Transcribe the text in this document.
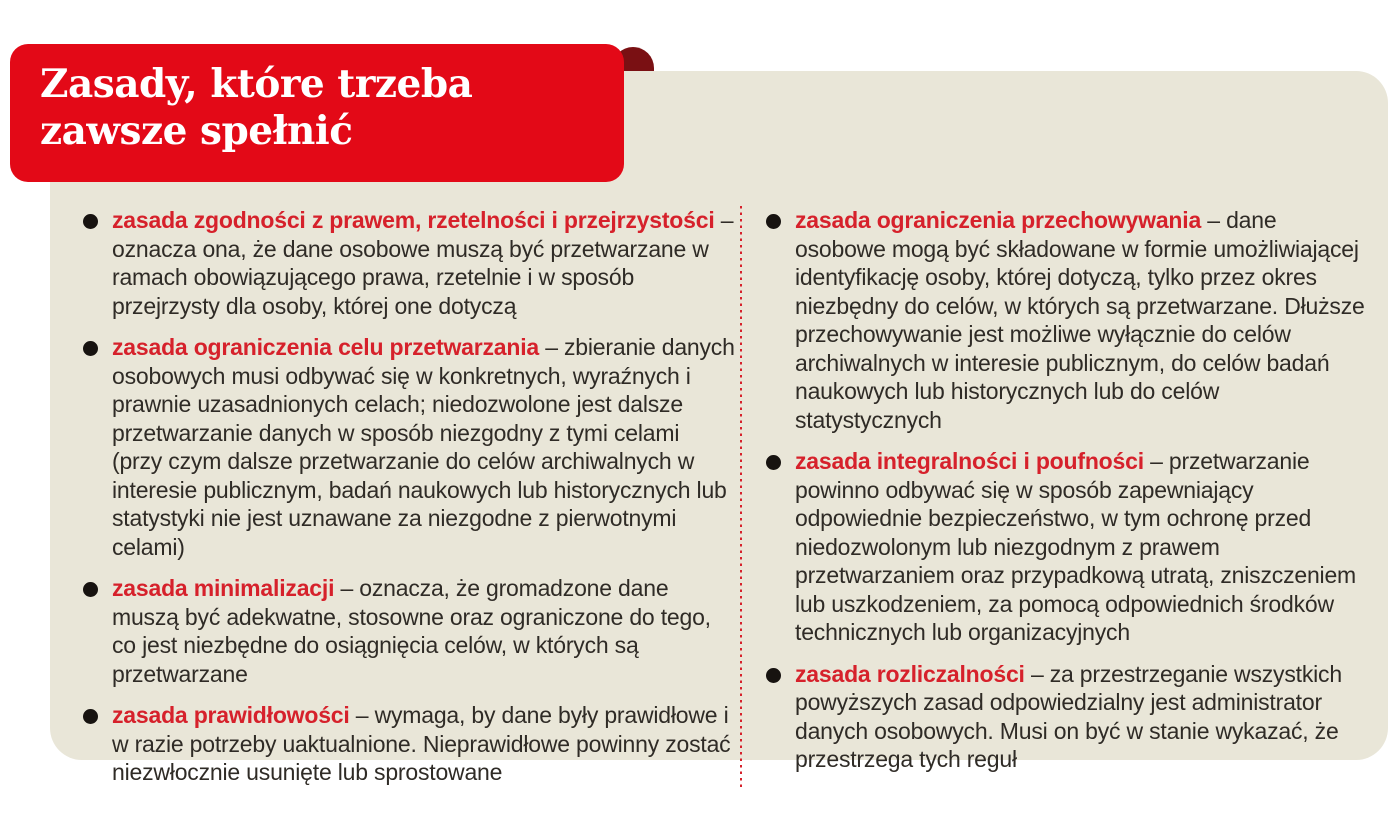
Zasady, które trzeba
zawsze spełnić

zasada zgodności z prawem, rzetelności i przejrzystości – oznacza ona, że dane osobowe muszą być przetwarzane w ramach obowiązującego prawa, rzetelnie i w sposób przejrzysty dla osoby, której one dotyczą

zasada ograniczenia celu przetwarzania – zbieranie danych osobowych musi odbywać się w konkretnych, wyraźnych i prawnie uzasadnionych celach; niedozwolone jest dalsze przetwarzanie danych w sposób niezgodny z tymi celami (przy czym dalsze przetwarzanie do celów archiwalnych w interesie publicznym, badań naukowych lub historycznych lub statystyki nie jest uznawane za niezgodne z pierwotnymi celami)

zasada minimalizacji – oznacza, że gromadzone dane muszą być adekwatne, stosowne oraz ograniczone do tego, co jest niezbędne do osiągnięcia celów, w których są przetwarzane

zasada prawidłowości – wymaga, by dane były prawidłowe i w razie potrzeby uaktualnione. Nieprawidłowe powinny zostać niezwłocznie usunięte lub sprostowane

zasada ograniczenia przechowywania – dane osobowe mogą być składowane w formie umożliwiającej identyfikację osoby, której dotyczą, tylko przez okres niezbędny do celów, w których są przetwarzane. Dłuższe przechowywanie jest możliwe wyłącznie do celów archiwalnych w interesie publicznym, do celów badań naukowych lub historycznych lub do celów statystycznych

zasada integralności i poufności – przetwarzanie powinno odbywać się w sposób zapewniający odpowiednie bezpieczeństwo, w tym ochronę przed niedozwolonym lub niezgodnym z prawem przetwarzaniem oraz przypadkową utratą, zniszczeniem lub uszkodzeniem, za pomocą odpowiednich środków technicznych lub organizacyjnych

zasada rozliczalności – za przestrzeganie wszystkich powyższych zasad odpowiedzialny jest administrator danych osobowych. Musi on być w stanie wykazać, że przestrzega tych reguł
